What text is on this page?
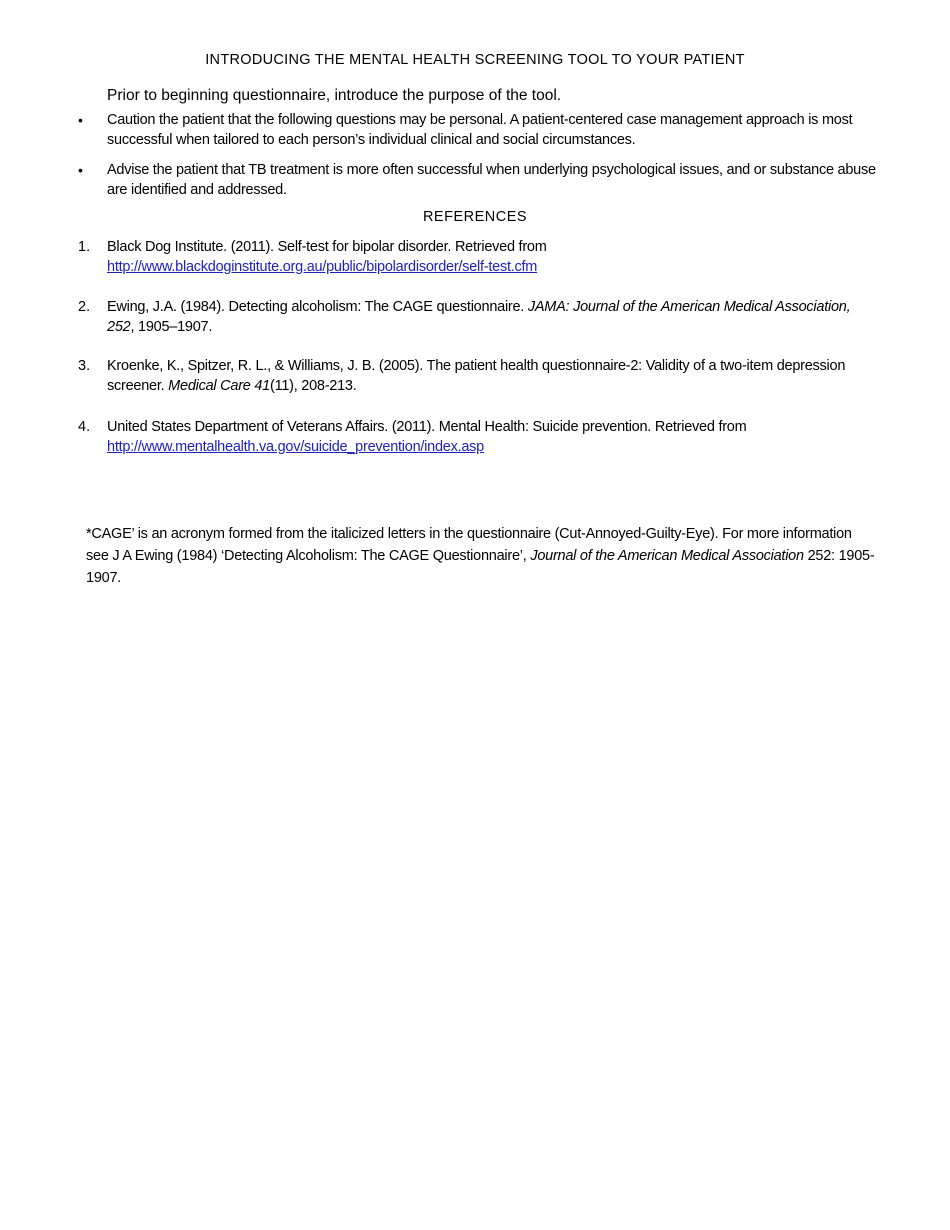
INTRODUCING THE MENTAL HEALTH SCREENING TOOL TO YOUR PATIENT
Prior to beginning questionnaire, introduce the purpose of the tool.
• Caution the patient that the following questions may be personal. A patient-centered case management approach is most successful when tailored to each person’s individual clinical and social circumstances.
• Advise the patient that TB treatment is more often successful when underlying psychological issues, and or substance abuse are identified and addressed.
REFERENCES
1. Black Dog Institute. (2011). Self-test for bipolar disorder. Retrieved from
http://www.blackdoginstitute.org.au/public/bipolardisorder/self-test.cfm
2. Ewing, J.A. (1984). Detecting alcoholism: The CAGE questionnaire. JAMA: Journal of the American Medical Association, 252, 1905–1907.
3. Kroenke, K., Spitzer, R. L., & Williams, J. B. (2005). The patient health questionnaire-2: Validity of a two-item depression screener. Medical Care 41(11), 208-213.
4. United States Department of Veterans Affairs. (2011). Mental Health: Suicide prevention. Retrieved from
http://www.mentalhealth.va.gov/suicide_prevention/index.asp
*CAGE’ is an acronym formed from the italicized letters in the questionnaire (Cut-Annoyed-Guilty-Eye). For more information see J A Ewing (1984) ‘Detecting Alcoholism: The CAGE Questionnaire’, Journal of the American Medical Association 252: 1905-1907.
